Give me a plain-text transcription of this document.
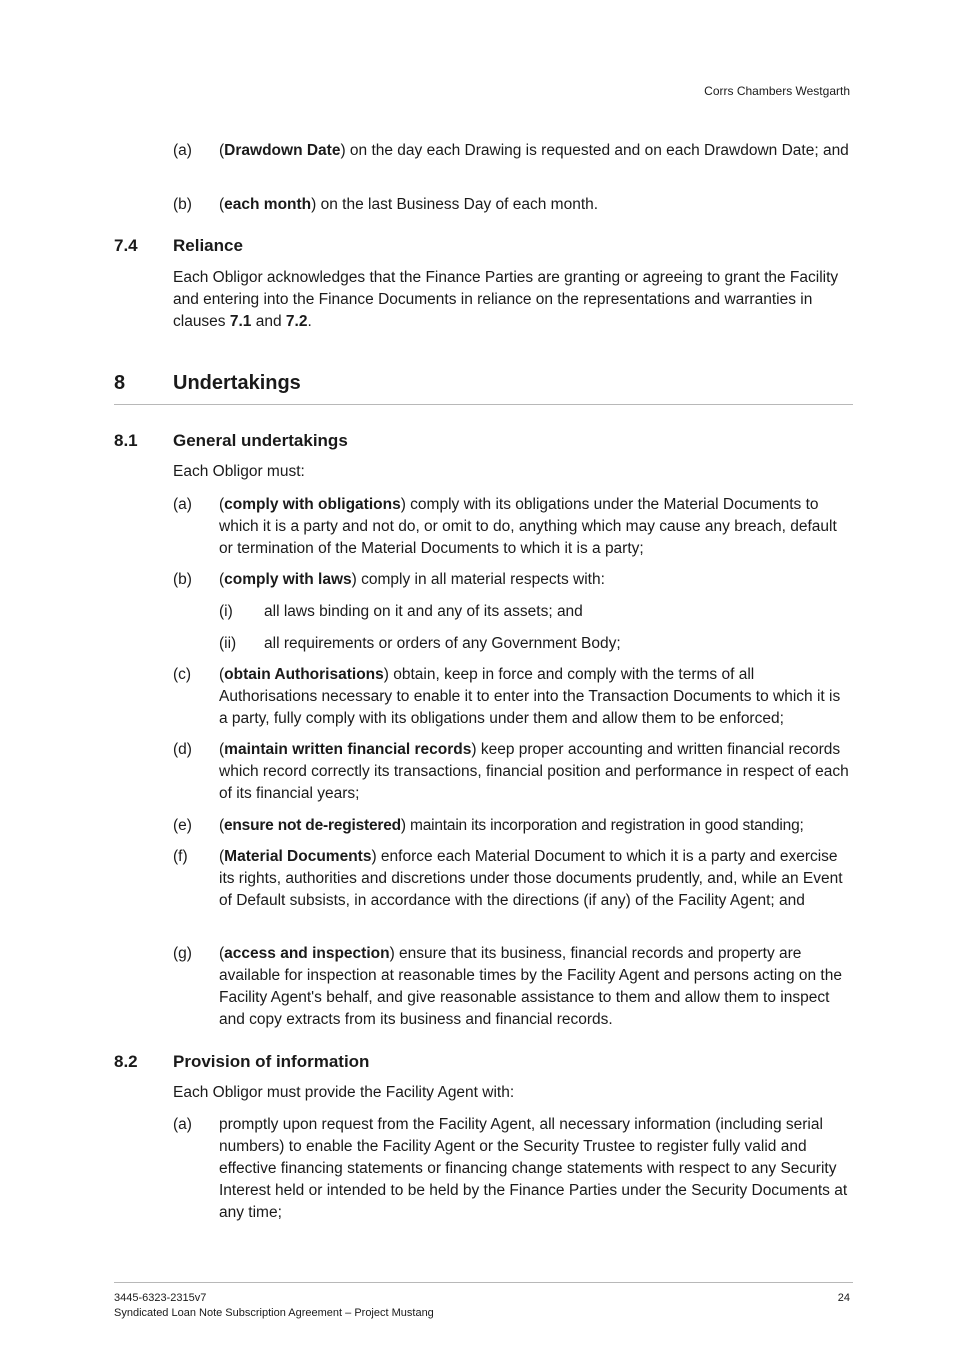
Corrs Chambers Westgarth
(a) (Drawdown Date) on the day each Drawing is requested and on each Drawdown Date; and
(b) (each month) on the last Business Day of each month.
7.4 Reliance
Each Obligor acknowledges that the Finance Parties are granting or agreeing to grant the Facility and entering into the Finance Documents in reliance on the representations and warranties in clauses 7.1 and 7.2.
8 Undertakings
8.1 General undertakings
Each Obligor must:
(a) (comply with obligations) comply with its obligations under the Material Documents to which it is a party and not do, or omit to do, anything which may cause any breach, default or termination of the Material Documents to which it is a party;
(b) (comply with laws) comply in all material respects with:
(i) all laws binding on it and any of its assets; and
(ii) all requirements or orders of any Government Body;
(c) (obtain Authorisations) obtain, keep in force and comply with the terms of all Authorisations necessary to enable it to enter into the Transaction Documents to which it is a party, fully comply with its obligations under them and allow them to be enforced;
(d) (maintain written financial records) keep proper accounting and written financial records which record correctly its transactions, financial position and performance in respect of each of its financial years;
(e) (ensure not de-registered) maintain its incorporation and registration in good standing;
(f) (Material Documents) enforce each Material Document to which it is a party and exercise its rights, authorities and discretions under those documents prudently, and, while an Event of Default subsists, in accordance with the directions (if any) of the Facility Agent; and
(g) (access and inspection) ensure that its business, financial records and property are available for inspection at reasonable times by the Facility Agent and persons acting on the Facility Agent's behalf, and give reasonable assistance to them and allow them to inspect and copy extracts from its business and financial records.
8.2 Provision of information
Each Obligor must provide the Facility Agent with:
(a) promptly upon request from the Facility Agent, all necessary information (including serial numbers) to enable the Facility Agent or the Security Trustee to register fully valid and effective financing statements or financing change statements with respect to any Security Interest held or intended to be held by the Finance Parties under the Security Documents at any time;
3445-6323-2315v7
Syndicated Loan Note Subscription Agreement – Project Mustang
24
